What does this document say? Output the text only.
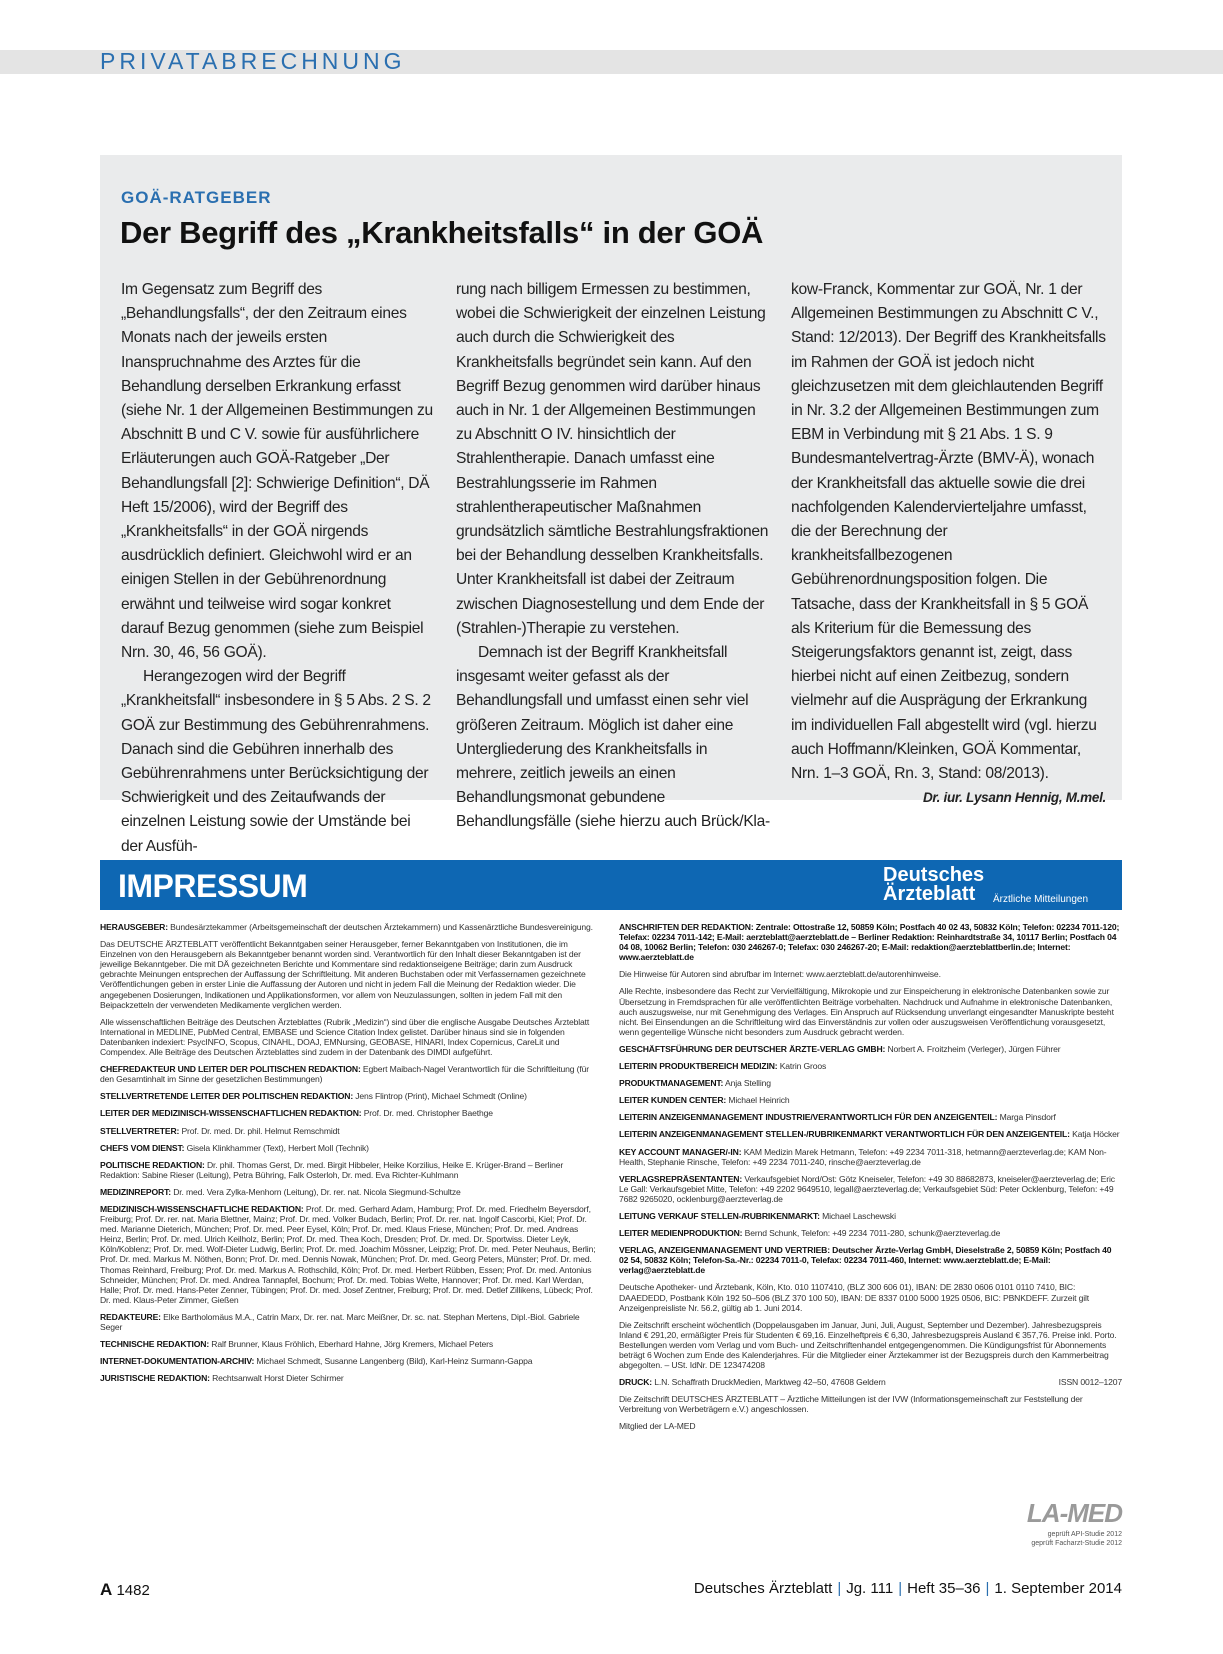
PRIVATABRECHNUNG
GOÄ-RATGEBER
Der Begriff des „Krankheitsfalls“ in der GOÄ

Im Gegensatz zum Begriff des „Behandlungsfalls“, der den Zeitraum eines Monats nach der jeweils ersten Inanspruchnahme des Arztes für die Behandlung derselben Erkrankung erfasst (siehe Nr. 1 der Allgemeinen Bestimmungen zu Abschnitt B und C V. sowie für ausführlichere Erläuterungen auch GOÄ-Ratgeber „Der Behandlungsfall [2]: Schwierige Definition“, DÄ Heft 15/2006), wird der Begriff des „Krankheitsfalls“ in der GOÄ nirgends ausdrücklich definiert. Gleichwohl wird er an einigen Stellen in der Gebührenordnung erwähnt und teilweise wird sogar konkret darauf Bezug genommen (siehe zum Beispiel Nrn. 30, 46, 56 GOÄ).

Herangezogen wird der Begriff „Krankheitsfall“ insbesondere in § 5 Abs. 2 S. 2 GOÄ zur Bestimmung des Gebührenrahmens. Danach sind die Gebühren innerhalb des Gebührenrahmens unter Berücksichtigung der Schwierigkeit und des Zeitaufwands der einzelnen Leistung sowie der Umstände bei der Ausfüh-

rung nach billigem Ermessen zu bestimmen, wobei die Schwierigkeit der einzelnen Leistung auch durch die Schwierigkeit des Krankheitsfalls begründet sein kann. Auf den Begriff Bezug genommen wird darüber hinaus auch in Nr. 1 der Allgemeinen Bestimmungen zu Abschnitt O IV. hinsichtlich der Strahlentherapie. Danach umfasst eine Bestrahlungsserie im Rahmen strahlentherapeutischer Maßnahmen grundsätzlich sämtliche Bestrahlungsfraktionen bei der Behandlung desselben Krankheitsfalls. Unter Krankheitsfall ist dabei der Zeitraum zwischen Diagnosestellung und dem Ende der (Strahlen-)Therapie zu verstehen.

Demnach ist der Begriff Krankheitsfall insgesamt weiter gefasst als der Behandlungsfall und umfasst einen sehr viel größeren Zeitraum. Möglich ist daher eine Untergliederung des Krankheitsfalls in mehrere, zeitlich jeweils an einen Behandlungsmonat gebundene Behandlungsfälle (siehe hierzu auch Brück/Kla-

kow-Franck, Kommentar zur GOÄ, Nr. 1 der Allgemeinen Bestimmungen zu Abschnitt C V., Stand: 12/2013). Der Begriff des Krankheitsfalls im Rahmen der GOÄ ist jedoch nicht gleichzusetzen mit dem gleichlautenden Begriff in Nr. 3.2 der Allgemeinen Bestimmungen zum EBM in Verbindung mit § 21 Abs. 1 S. 9 Bundesmantelvertrag-Ärzte (BMV-Ä), wonach der Krankheitsfall das aktuelle sowie die drei nachfolgenden Kalendervierteljahre umfasst, die der Berechnung der krankheitsfallbezogenen Gebührenordnungsposition folgen. Die Tatsache, dass der Krankheitsfall in § 5 GOÄ als Kriterium für die Bemessung des Steigerungsfaktors genannt ist, zeigt, dass hierbei nicht auf einen Zeitbezug, sondern vielmehr auf die Ausprägung der Erkrankung im individuellen Fall abgestellt wird (vgl. hierzu auch Hoffmann/Kleinken, GOÄ Kommentar, Nrn. 1–3 GOÄ, Rn. 3, Stand: 08/2013).
Dr. iur. Lysann Hennig, M.mel.

IMPRESSUM	Deutsches
Ärzteblatt Ärztliche Mitteilungen
HERAUSGEBER: Bundesärztekammer (Arbeitsgemeinschaft der deutschen Ärztekammern) und Kassenärztliche Bundesvereinigung.
Das DEUTSCHE ÄRZTEBLATT veröffentlicht Bekanntgaben seiner Herausgeber, ferner Bekanntgaben von Institutionen, die im Einzelnen von den Herausgebern als Bekanntgeber benannt worden sind. Verantwortlich für den Inhalt dieser Bekanntgaben ist der jeweilige Bekanntgeber. Die mit DÄ gezeichneten Berichte und Kommentare sind redaktionseigene Beiträge; darin zum Ausdruck gebrachte Meinungen entsprechen der Auffassung der Schriftleitung. Mit anderen Buchstaben oder mit Verfassernamen gezeichnete Veröffentlichungen geben in erster Linie die Auffassung der Autoren und nicht in jedem Fall die Meinung der Redaktion wieder. Die angegebenen Dosierungen, Indikationen und Applikationsformen, vor allem von Neuzulassungen, sollten in jedem Fall mit den Beipackzetteln der verwendeten Medikamente verglichen werden.
Alle wissenschaftlichen Beiträge des Deutschen Ärzteblattes (Rubrik „Medizin“) sind über die englische Ausgabe Deutsches Ärzteblatt International in MEDLINE, PubMed Central, EMBASE und Science Citation Index gelistet. Darüber hinaus sind sie in folgenden Datenbanken indexiert: PsycINFO, Scopus, CINAHL, DOAJ, EMNursing, GEOBASE, HINARI, Index Copernicus, CareLit und Compendex. Alle Beiträge des Deutschen Ärzteblattes sind zudem in der Datenbank des DIMDI aufgeführt.
CHEFREDAKTEUR UND LEITER DER POLITISCHEN REDAKTION: Egbert Maibach-Nagel Verantwortlich für die Schriftleitung (für den Gesamtinhalt im Sinne der gesetzlichen Bestimmungen)
STELLVERTRETENDE LEITER DER POLITISCHEN REDAKTION: Jens Flintrop (Print), Michael Schmedt (Online)
LEITER DER MEDIZINISCH-WISSENSCHAFTLICHEN REDAKTION: Prof. Dr. med. Christopher Baethge
STELLVERTRETER: Prof. Dr. med. Dr. phil. Helmut Remschmidt
CHEFS VOM DIENST: Gisela Klinkhammer (Text), Herbert Moll (Technik)
POLITISCHE REDAKTION: Dr. phil. Thomas Gerst, Dr. med. Birgit Hibbeler, Heike Korzilius, Heike E. Krüger-Brand – Berliner Redaktion: Sabine Rieser (Leitung), Petra Bühring, Falk Osterloh, Dr. med. Eva Richter-Kuhlmann
MEDIZINREPORT: Dr. med. Vera Zylka-Menhorn (Leitung), Dr. rer. nat. Nicola Siegmund-Schultze
MEDIZINISCH-WISSENSCHAFTLICHE REDAKTION: Prof. Dr. med. Gerhard Adam, Hamburg; Prof. Dr. med. Friedhelm Beyersdorf, Freiburg; Prof. Dr. rer. nat. Maria Blettner, Mainz; Prof. Dr. med. Volker Budach, Berlin; Prof. Dr. rer. nat. Ingolf Cascorbi, Kiel; Prof. Dr. med. Marianne Dieterich, München; Prof. Dr. med. Peer Eysel, Köln; Prof. Dr. med. Klaus Friese, München; Prof. Dr. med. Andreas Heinz, Berlin; Prof. Dr. med. Ulrich Keilholz, Berlin; Prof. Dr. med. Thea Koch, Dresden; Prof. Dr. med. Dr. Sportwiss. Dieter Leyk, Köln/Koblenz; Prof. Dr. med. Wolf-Dieter Ludwig, Berlin; Prof. Dr. med. Joachim Mössner, Leipzig; Prof. Dr. med. Peter Neuhaus, Berlin; Prof. Dr. med. Markus M. Nöthen, Bonn; Prof. Dr. med. Dennis Nowak, München; Prof. Dr. med. Georg Peters, Münster; Prof. Dr. med. Thomas Reinhard, Freiburg; Prof. Dr. med. Markus A. Rothschild, Köln; Prof. Dr. med. Herbert Rübben, Essen; Prof. Dr. med. Antonius Schneider, München; Prof. Dr. med. Andrea Tannapfel, Bochum; Prof. Dr. med. Tobias Welte, Hannover; Prof. Dr. med. Karl Werdan, Halle; Prof. Dr. med. Hans-Peter Zenner, Tübingen; Prof. Dr. med. Josef Zentner, Freiburg; Prof. Dr. med. Detlef Zillikens, Lübeck; Prof. Dr. med. Klaus-Peter Zimmer, Gießen
REDAKTEURE: Elke Bartholomäus M.A., Catrin Marx, Dr. rer. nat. Marc Meißner, Dr. sc. nat. Stephan Mertens, Dipl.-Biol. Gabriele Seger
TECHNISCHE REDAKTION: Ralf Brunner, Klaus Fröhlich, Eberhard Hahne, Jörg Kremers, Michael Peters
INTERNET-DOKUMENTATION-ARCHIV: Michael Schmedt, Susanne Langenberg (Bild), Karl-Heinz Surmann-Gappa
JURISTISCHE REDAKTION: Rechtsanwalt Horst Dieter Schirmer
ANSCHRIFTEN DER REDAKTION: Zentrale: Ottostraße 12, 50859 Köln; Postfach 40 02 43, 50832 Köln; Telefon: 02234 7011-120; Telefax: 02234 7011-142; E-Mail: aerzteblatt@aerzteblatt.de – Berliner Redaktion: Reinhardtstraße 34, 10117 Berlin; Postfach 04 04 08, 10062 Berlin; Telefon: 030 246267-0; Telefax: 030 246267-20; E-Mail: redaktion@aerzteblattberlin.de; Internet: www.aerzteblatt.de
Die Hinweise für Autoren sind abrufbar im Internet: www.aerzteblatt.de/autorenhinweise.
Alle Rechte, insbesondere das Recht zur Vervielfältigung, Mikrokopie und zur Einspeicherung in elektronische Datenbanken sowie zur Übersetzung in Fremdsprachen für alle veröffentlichten Beiträge vorbehalten. Nachdruck und Aufnahme in elektronische Datenbanken, auch auszugsweise, nur mit Genehmigung des Verlages. Ein Anspruch auf Rücksendung unverlangt eingesandter Manuskripte besteht nicht. Bei Einsendungen an die Schriftleitung wird das Einverständnis zur vollen oder auszugsweisen Veröffentlichung vorausgesetzt, wenn gegenteilige Wünsche nicht besonders zum Ausdruck gebracht werden.
GESCHÄFTSFÜHRUNG DER DEUTSCHER ÄRZTE-VERLAG GMBH: Norbert A. Froitzheim (Verleger), Jürgen Führer
LEITERIN PRODUKTBEREICH MEDIZIN: Katrin Groos
PRODUKTMANAGEMENT: Anja Stelling
LEITER KUNDEN CENTER: Michael Heinrich
LEITERIN ANZEIGENMANAGEMENT INDUSTRIE/VERANTWORTLICH FÜR DEN ANZEIGENTEIL: Marga Pinsdorf
LEITERIN ANZEIGENMANAGEMENT STELLEN-/RUBRIKENMARKT VERANTWORTLICH FÜR DEN ANZEIGENTEIL: Katja Höcker
KEY ACCOUNT MANAGER/-IN: KAM Medizin Marek Hetmann, Telefon: +49 2234 7011-318, hetmann@aerzteverlag.de; KAM Non-Health, Stephanie Rinsche, Telefon: +49 2234 7011-240, rinsche@aerzteverlag.de
VERLAGSREPRÄSENTANTEN: Verkaufsgebiet Nord/Ost: Götz Kneiseler, Telefon: +49 30 88682873, kneiseler@aerzteverlag.de; Eric Le Gall: Verkaufsgebiet Mitte, Telefon: +49 2202 9649510, legall@aerzteverlag.de; Verkaufsgebiet Süd: Peter Ocklenburg, Telefon: +49 7682 9265020, ocklenburg@aerzteverlag.de
LEITUNG VERKAUF STELLEN-/RUBRIKENMARKT: Michael Laschewski
LEITER MEDIENPRODUKTION: Bernd Schunk, Telefon: +49 2234 7011-280, schunk@aerzteverlag.de
VERLAG, ANZEIGENMANAGEMENT UND VERTRIEB: Deutscher Ärzte-Verlag GmbH, Dieselstraße 2, 50859 Köln; Postfach 40 02 54, 50832 Köln; Telefon-Sa.-Nr.: 02234 7011-0, Telefax: 02234 7011-460, Internet: www.aerzteblatt.de; E-Mail: verlag@aerzteblatt.de
Deutsche Apotheker- und Ärztebank, Köln, Kto. 010 1107410, (BLZ 300 606 01), IBAN: DE 2830 0606 0101 0110 7410, BIC: DAAEDEDD, Postbank Köln 192 50–506 (BLZ 370 100 50), IBAN: DE 8337 0100 5000 1925 0506, BIC: PBNKDEFF. Zurzeit gilt Anzeigenpreisliste Nr. 56.2, gültig ab 1. Juni 2014.
Die Zeitschrift erscheint wöchentlich (Doppelausgaben im Januar, Juni, Juli, August, September und Dezember). Jahresbezugspreis Inland € 291,20, ermäßigter Preis für Studenten € 69,16. Einzelheftpreis € 6,30, Jahresbezugspreis Ausland € 357,76. Preise inkl. Porto. Bestellungen werden vom Verlag und vom Buch- und Zeitschriftenhandel entgegengenommen. Die Kündigungsfrist für Abonnements beträgt 6 Wochen zum Ende des Kalenderjahres. Für die Mitglieder einer Ärztekammer ist der Bezugspreis durch den Kammerbeitrag abgegolten. – USt. IdNr. DE 123474208
ISSN 0012–1207
DRUCK: L.N. Schaffrath DruckMedien, Marktweg 42–50, 47608 Geldern
Die Zeitschrift DEUTSCHES ÄRZTEBLATT – Ärztliche Mitteilungen ist der IVW (Informationsgemeinschaft zur Feststellung der Verbreitung von Werbeträgern e.V.) angeschlossen.
Mitglied der LA-MED
LA-MED
geprüft API-Studie 2012
geprüft Facharzt-Studie 2012
A 1482	Deutsches Ärzteblatt | Jg. 111 | Heft 35–36 | 1. September 2014
